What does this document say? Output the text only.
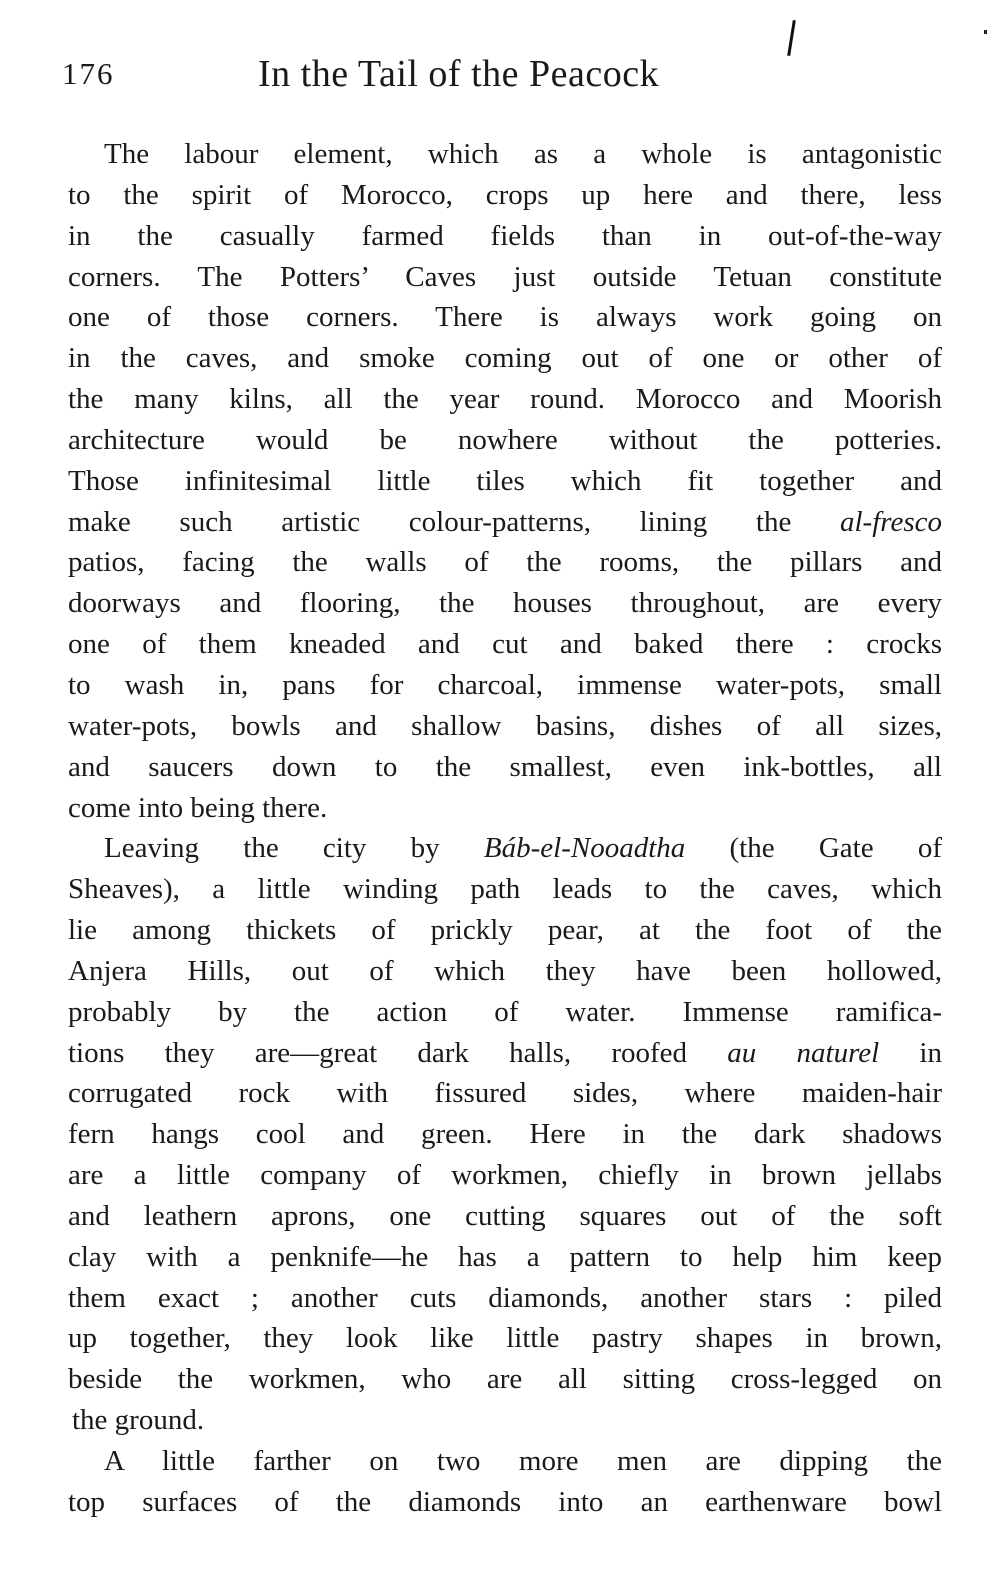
176	In the Tail of the Peacock
The labour element, which as a whole is antagonistic
to the spirit of Morocco, crops up here and there, less
in the casually farmed fields than in out-of-the-way
corners. The Potters’ Caves just outside Tetuan constitute
one of those corners. There is always work going on
in the caves, and smoke coming out of one or other of
the many kilns, all the year round. Morocco and Moorish
architecture would be nowhere without the potteries.
Those infinitesimal little tiles which fit together and
make such artistic colour-patterns, lining the al-fresco
patios, facing the walls of the rooms, the pillars and
doorways and flooring, the houses throughout, are every
one of them kneaded and cut and baked there : crocks
to wash in, pans for charcoal, immense water-pots, small
water-pots, bowls and shallow basins, dishes of all sizes,
and saucers down to the smallest, even ink-bottles, all
come into being there.
Leaving the city by Báb-el-Nooadtha (the Gate of
Sheaves), a little winding path leads to the caves, which
lie among thickets of prickly pear, at the foot of the
Anjera Hills, out of which they have been hollowed,
probably by the action of water. Immense ramifica-
tions they are—great dark halls, roofed au naturel in
corrugated rock with fissured sides, where maiden-hair
fern hangs cool and green. Here in the dark shadows
are a little company of workmen, chiefly in brown jellabs
and leathern aprons, one cutting squares out of the soft
clay with a penknife—he has a pattern to help him keep
them exact ; another cuts diamonds, another stars : piled
up together, they look like little pastry shapes in brown,
beside the workmen, who are all sitting cross-legged on
the ground.
A little farther on two more men are dipping the
top surfaces of the diamonds into an earthenware bowl
